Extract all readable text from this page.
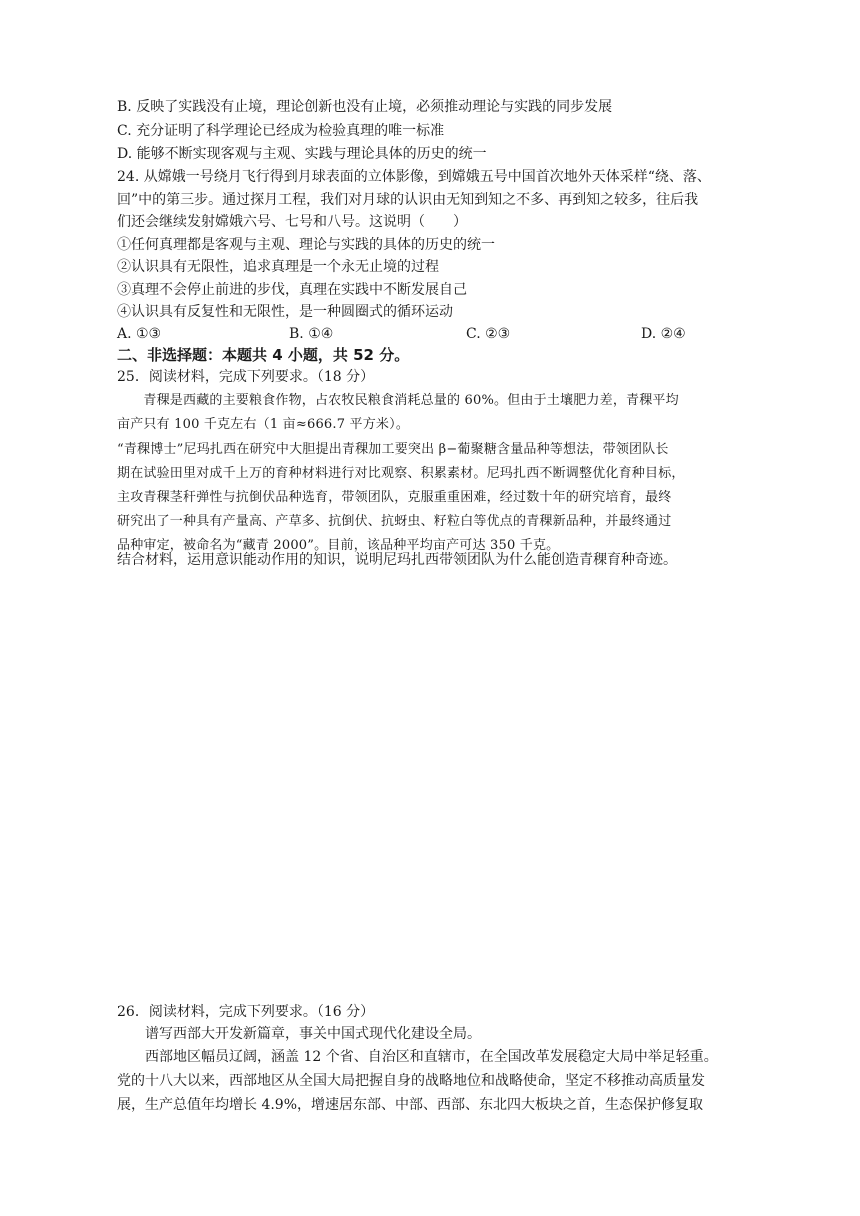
B. 反映了实践没有止境，理论创新也没有止境，必须推动理论与实践的同步发展
C. 充分证明了科学理论已经成为检验真理的唯一标准
D. 能够不断实现客观与主观、实践与理论具体的历史的统一
24. 从嫦娥一号绕月飞行得到月球表面的立体影像，到嫦娥五号中国首次地外天体采样“绕、落、
回”中的第三步。通过探月工程，我们对月球的认识由无知到知之不多、再到知之较多，往后我
们还会继续发射嫦娥六号、七号和八号。这说明（　　）
①任何真理都是客观与主观、理论与实践的具体的历史的统一
②认识具有无限性，追求真理是一个永无止境的过程
③真理不会停止前进的步伐，真理在实践中不断发展自己
④认识具有反复性和无限性，是一种圆圈式的循环运动
A. ①③	B. ①④	C. ②③	D. ②④
二、非选择题：本题共 4 小题，共 52 分。
25．阅读材料，完成下列要求。（18 分）
　　青稞是西藏的主要粮食作物，占农牧民粮食消耗总量的 60%。但由于土壤肥力差，青稞平均
亩产只有 100 千克左右（1 亩≈666.7 平方米）。
“青稞博士”尼玛扎西在研究中大胆提出青稞加工要突出 β−葡聚糖含量品种等想法，带领团队长
期在试验田里对成千上万的育种材料进行对比观察、积累素材。尼玛扎西不断调整优化育种目标，
主攻青稞茎秆弹性与抗倒伏品种选育，带领团队，克服重重困难，经过数十年的研究培育，最终
研究出了一种具有产量高、产草多、抗倒伏、抗蚜虫、籽粒白等优点的青稞新品种，并最终通过
品种审定，被命名为“藏青 2000”。目前，该品种平均亩产可达 350 千克。
结合材料，运用意识能动作用的知识，说明尼玛扎西带领团队为什么能创造青稞育种奇迹。
26．阅读材料，完成下列要求。（16 分）
　　谱写西部大开发新篇章，事关中国式现代化建设全局。
　　西部地区幅员辽阔，涵盖 12 个省、自治区和直辖市，在全国改革发展稳定大局中举足轻重。
党的十八大以来，西部地区从全国大局把握自身的战略地位和战略使命，坚定不移推动高质量发
展，生产总值年均增长 4.9%，增速居东部、中部、西部、东北四大板块之首，生态保护修复取
